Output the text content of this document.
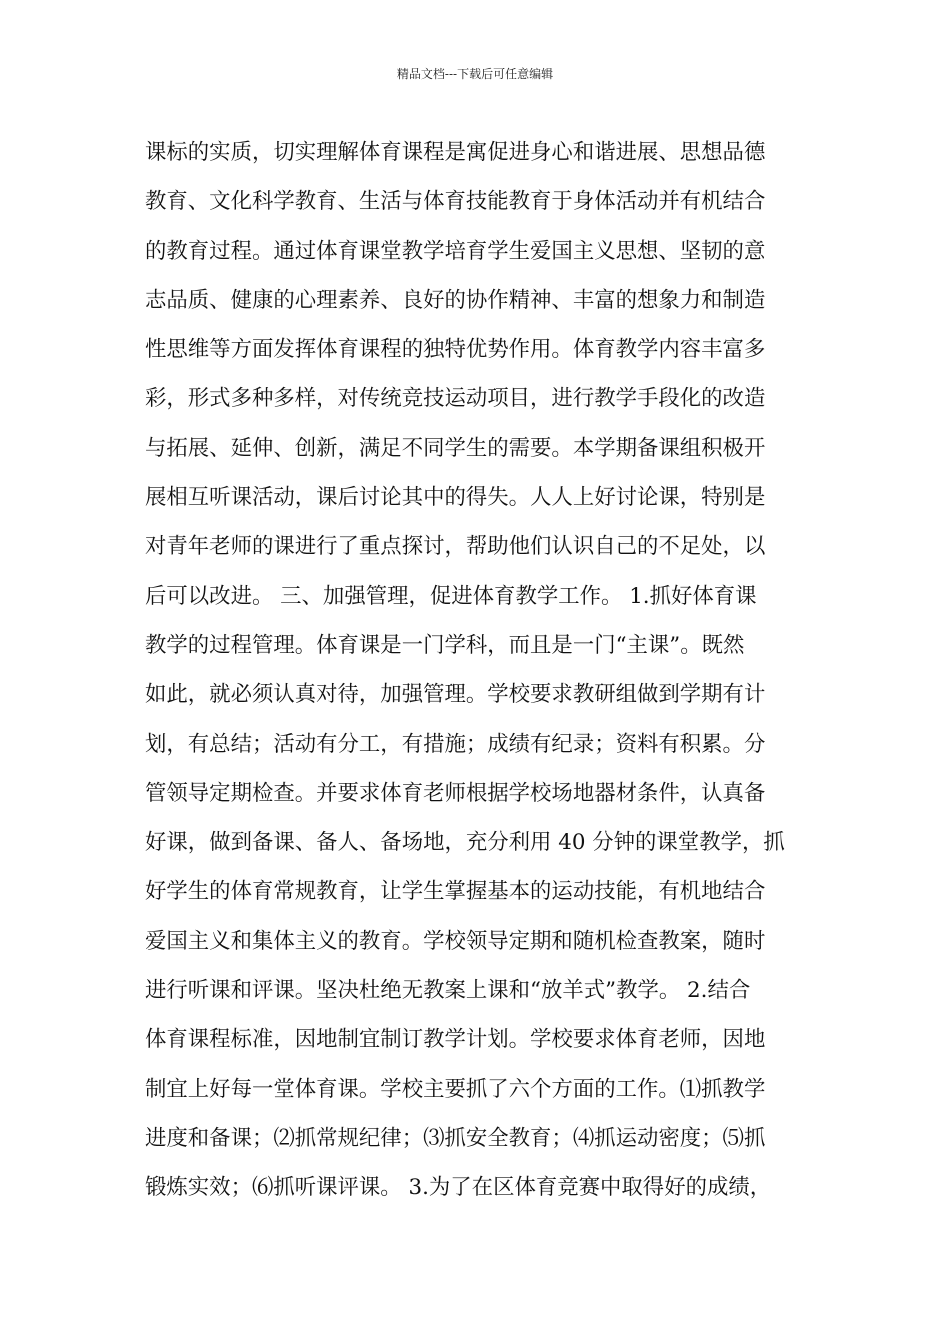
精品文档---下载后可任意编辑
课标的实质，切实理解体育课程是寓促进身心和谐进展、思想品德
教育、文化科学教育、生活与体育技能教育于身体活动并有机结合
的教育过程。通过体育课堂教学培育学生爱国主义思想、坚韧的意
志品质、健康的心理素养、良好的协作精神、丰富的想象力和制造
性思维等方面发挥体育课程的独特优势作用。体育教学内容丰富多
彩，形式多种多样，对传统竞技运动项目，进行教学手段化的改造
与拓展、延伸、创新，满足不同学生的需要。本学期备课组积极开
展相互听课活动，课后讨论其中的得失。人人上好讨论课，特别是
对青年老师的课进行了重点探讨，帮助他们认识自己的不足处，以
后可以改进。 三、加强管理，促进体育教学工作。 1.抓好体育课
教学的过程管理。体育课是一门学科，而且是一门“主课”。既然
如此，就必须认真对待，加强管理。学校要求教研组做到学期有计
划，有总结；活动有分工，有措施；成绩有纪录；资料有积累。分
管领导定期检查。并要求体育老师根据学校场地器材条件，认真备
好课，做到备课、备人、备场地，充分利用 40 分钟的课堂教学，抓
好学生的体育常规教育，让学生掌握基本的运动技能，有机地结合
爱国主义和集体主义的教育。学校领导定期和随机检查教案，随时
进行听课和评课。坚决杜绝无教案上课和“放羊式”教学。 2.结合
体育课程标准，因地制宜制订教学计划。学校要求体育老师，因地
制宜上好每一堂体育课。学校主要抓了六个方面的工作。⑴抓教学
进度和备课；⑵抓常规纪律；⑶抓安全教育；⑷抓运动密度；⑸抓
锻炼实效；⑹抓听课评课。 3.为了在区体育竞赛中取得好的成绩，
